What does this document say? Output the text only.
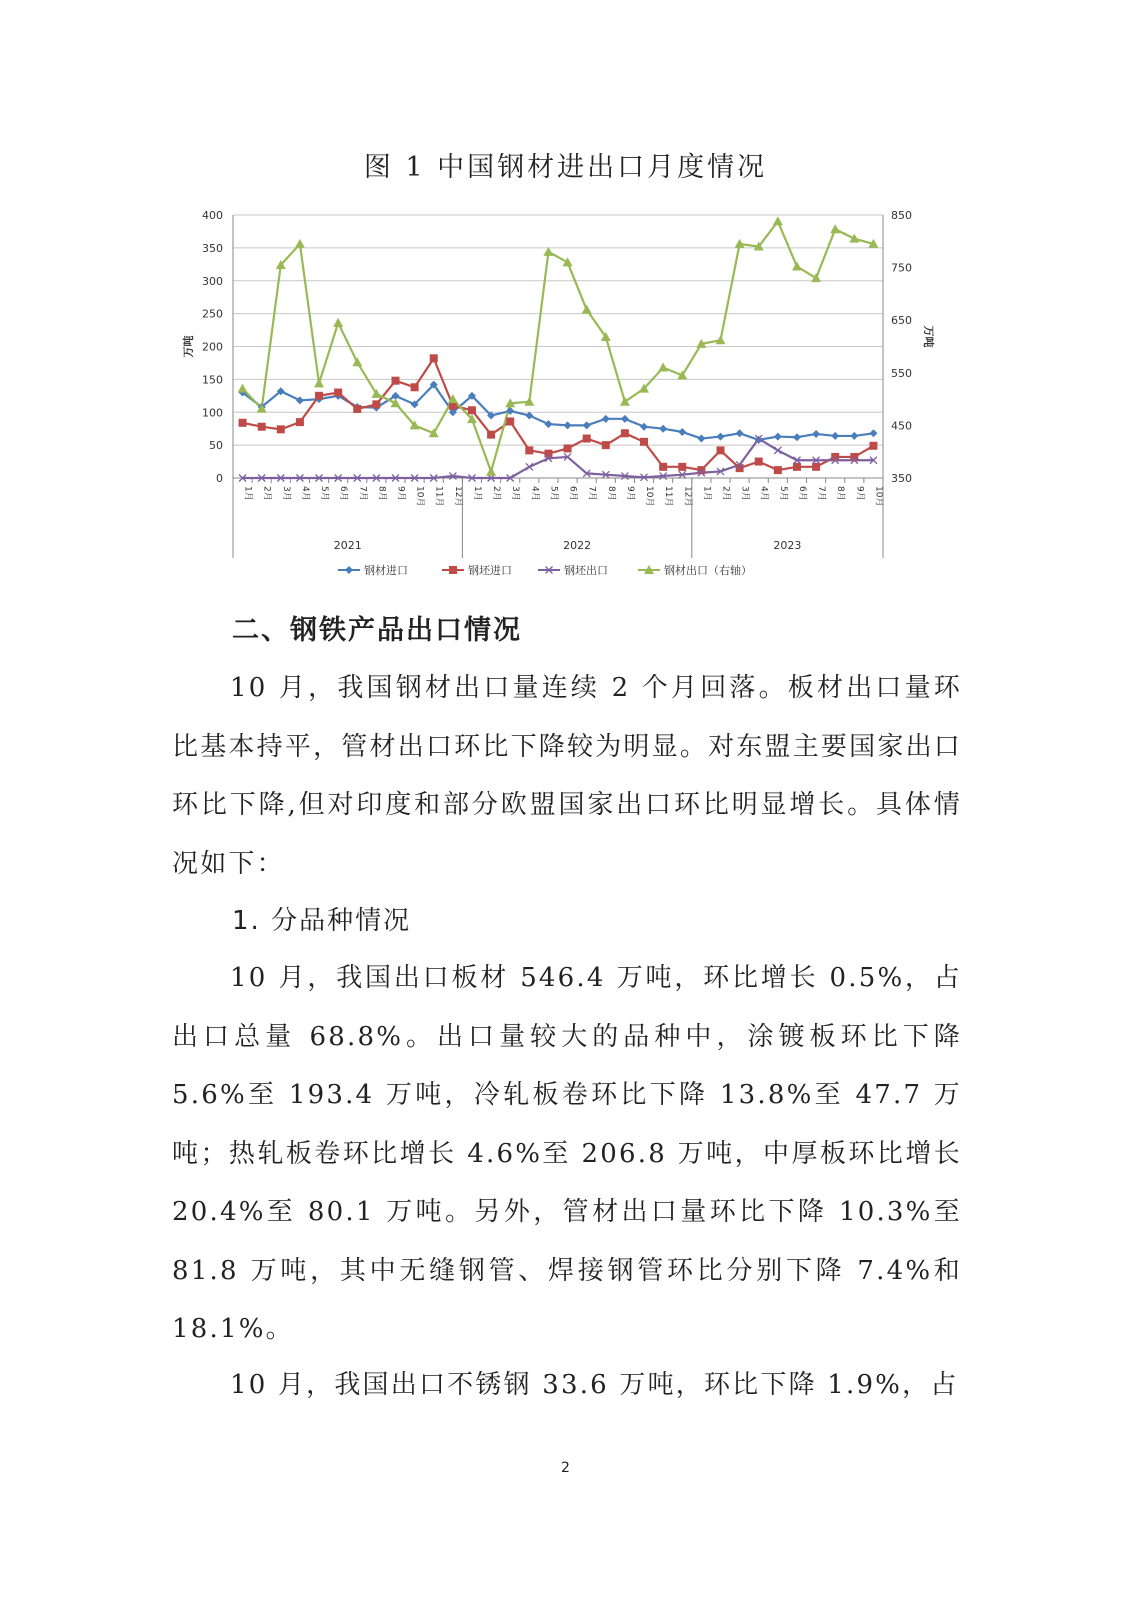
图 1 中国钢材进出口月度情况
0
50
100
150
200
250
300
350
400
350
450
550
650
750
850
万吨	万吨
1月 2月 3月 4月 5月 6月 7月 8月 9月 10月 11月 12月 1月 2月 3月 4月 5月 6月 7月 8月 9月 10月 11月 12月 1月 2月 3月 4月 5月 6月 7月 8月 9月 10月
2021	2022	2023
钢材进口	钢坯进口	钢坯出口	钢材出口（右轴）
二、钢铁产品出口情况

10 月，我国钢材出口量连续 2 个月回落。板材出口量环比基本持平，管材出口环比下降较为明显。对东盟主要国家出口环比下降,但对印度和部分欧盟国家出口环比明显增长。具体情况如下：

1. 分品种情况

10 月，我国出口板材 546.4 万吨，环比增长 0.5%，占出口总量 68.8%。出口量较大的品种中，涂镀板环比下降 5.6%至 193.4 万吨，冷轧板卷环比下降 13.8%至 47.7 万吨；热轧板卷环比增长 4.6%至 206.8 万吨，中厚板环比增长 20.4%至 80.1 万吨。另外，管材出口量环比下降 10.3%至 81.8 万吨，其中无缝钢管、焊接钢管环比分别下降 7.4%和 18.1%。

10 月，我国出口不锈钢 33.6 万吨，环比下降 1.9%，占

2
